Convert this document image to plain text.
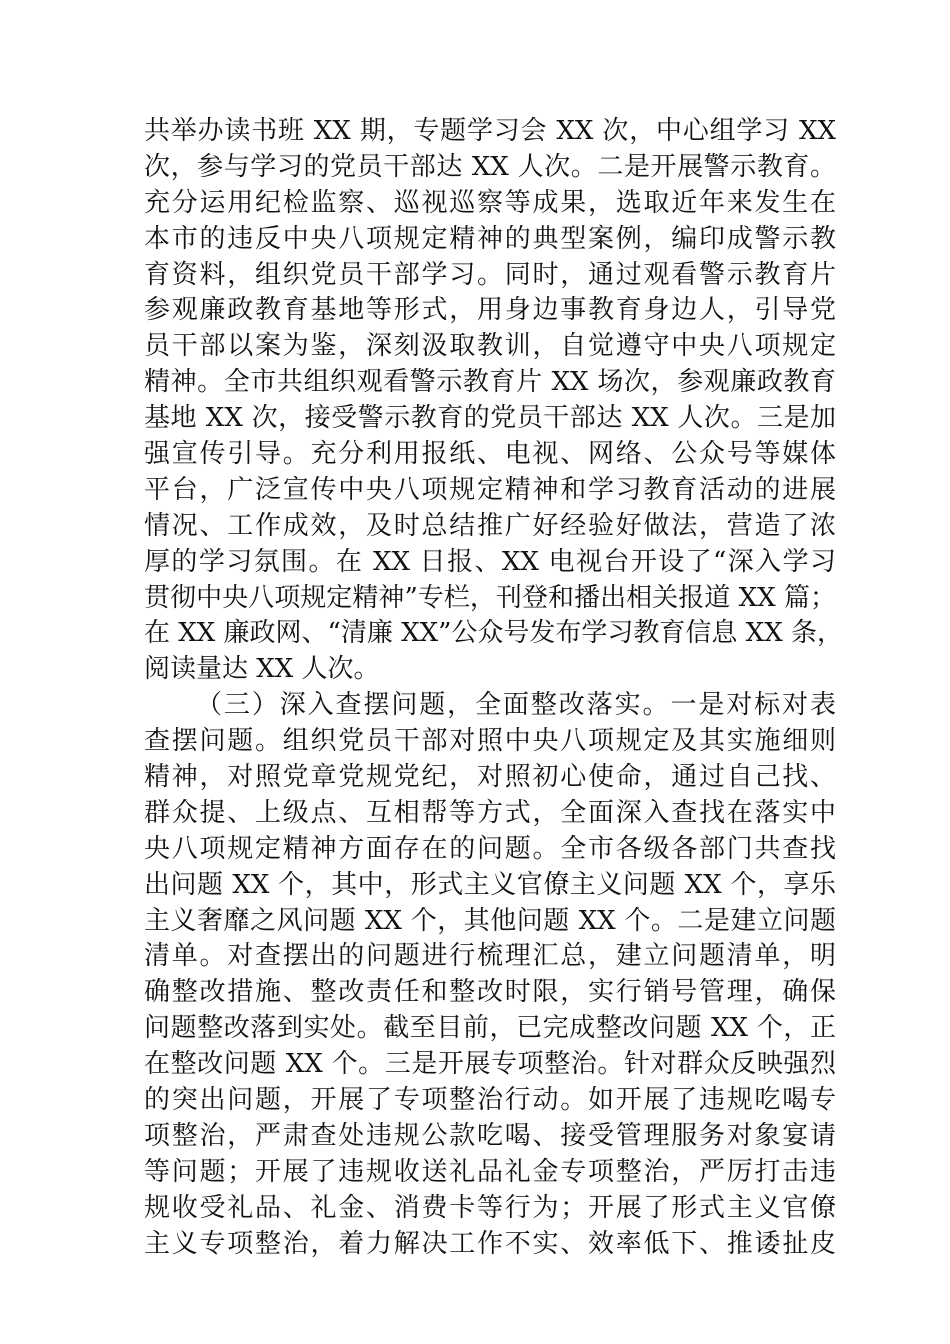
共举办读书班 XX 期，专题学习会 XX 次，中心组学习 XX
次，参与学习的党员干部达 XX 人次。二是开展警示教育。
充分运用纪检监察、巡视巡察等成果，选取近年来发生在
本市的违反中央八项规定精神的典型案例，编印成警示教
育资料，组织党员干部学习。同时，通过观看警示教育片
参观廉政教育基地等形式，用身边事教育身边人，引导党
员干部以案为鉴，深刻汲取教训，自觉遵守中央八项规定
精神。全市共组织观看警示教育片 XX 场次，参观廉政教育
基地 XX 次，接受警示教育的党员干部达 XX 人次。三是加
强宣传引导。充分利用报纸、电视、网络、公众号等媒体
平台，广泛宣传中央八项规定精神和学习教育活动的进展
情况、工作成效，及时总结推广好经验好做法，营造了浓
厚的学习氛围。在 XX 日报、XX 电视台开设了“深入学习
贯彻中央八项规定精神”专栏，刊登和播出相关报道 XX 篇；
在 XX 廉政网、“清廉 XX”公众号发布学习教育信息 XX 条，
阅读量达 XX 人次。
（三）深入查摆问题，全面整改落实。一是对标对表
查摆问题。组织党员干部对照中央八项规定及其实施细则
精神，对照党章党规党纪，对照初心使命，通过自己找、
群众提、上级点、互相帮等方式，全面深入查找在落实中
央八项规定精神方面存在的问题。全市各级各部门共查找
出问题 XX 个，其中，形式主义官僚主义问题 XX 个，享乐
主义奢靡之风问题 XX 个，其他问题 XX 个。二是建立问题
清单。对查摆出的问题进行梳理汇总，建立问题清单，明
确整改措施、整改责任和整改时限，实行销号管理，确保
问题整改落到实处。截至目前，已完成整改问题 XX 个，正
在整改问题 XX 个。三是开展专项整治。针对群众反映强烈
的突出问题，开展了专项整治行动。如开展了违规吃喝专
项整治，严肃查处违规公款吃喝、接受管理服务对象宴请
等问题；开展了违规收送礼品礼金专项整治，严厉打击违
规收受礼品、礼金、消费卡等行为；开展了形式主义官僚
主义专项整治，着力解决工作不实、效率低下、推诿扯皮
